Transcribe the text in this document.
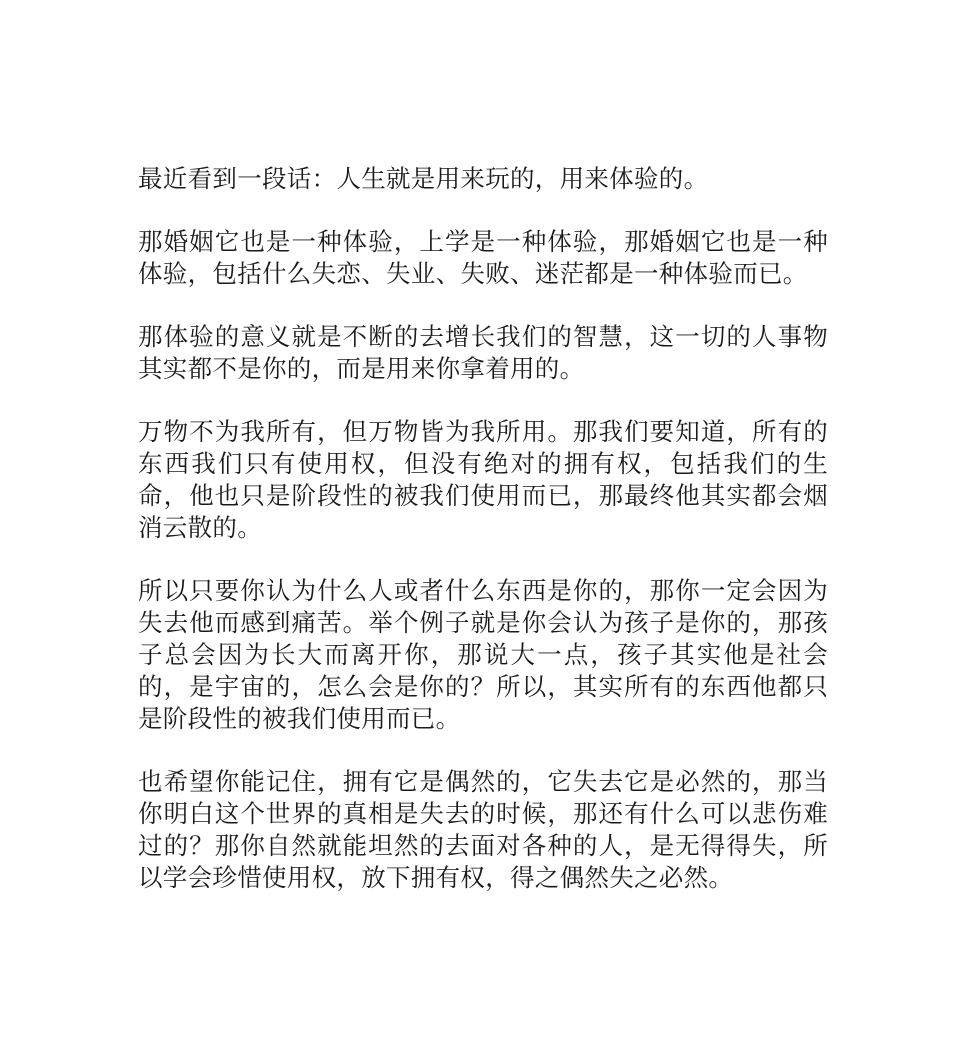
最近看到一段话：人生就是用来玩的，用来体验的。

那婚姻它也是一种体验，上学是一种体验，那婚姻它也是一种体验，包括什么失恋、失业、失败、迷茫都是一种体验而已。

那体验的意义就是不断的去增长我们的智慧，这一切的人事物其实都不是你的，而是用来你拿着用的。

万物不为我所有，但万物皆为我所用。那我们要知道，所有的东西我们只有使用权，但没有绝对的拥有权，包括我们的生命，他也只是阶段性的被我们使用而已，那最终他其实都会烟消云散的。

所以只要你认为什么人或者什么东西是你的，那你一定会因为失去他而感到痛苦。举个例子就是你会认为孩子是你的，那孩子总会因为长大而离开你，那说大一点，孩子其实他是社会的，是宇宙的，怎么会是你的？所以，其实所有的东西他都只是阶段性的被我们使用而已。

也希望你能记住，拥有它是偶然的，它失去它是必然的，那当你明白这个世界的真相是失去的时候，那还有什么可以悲伤难过的？那你自然就能坦然的去面对各种的人，是无得得失，所以学会珍惜使用权，放下拥有权，得之偶然失之必然。
